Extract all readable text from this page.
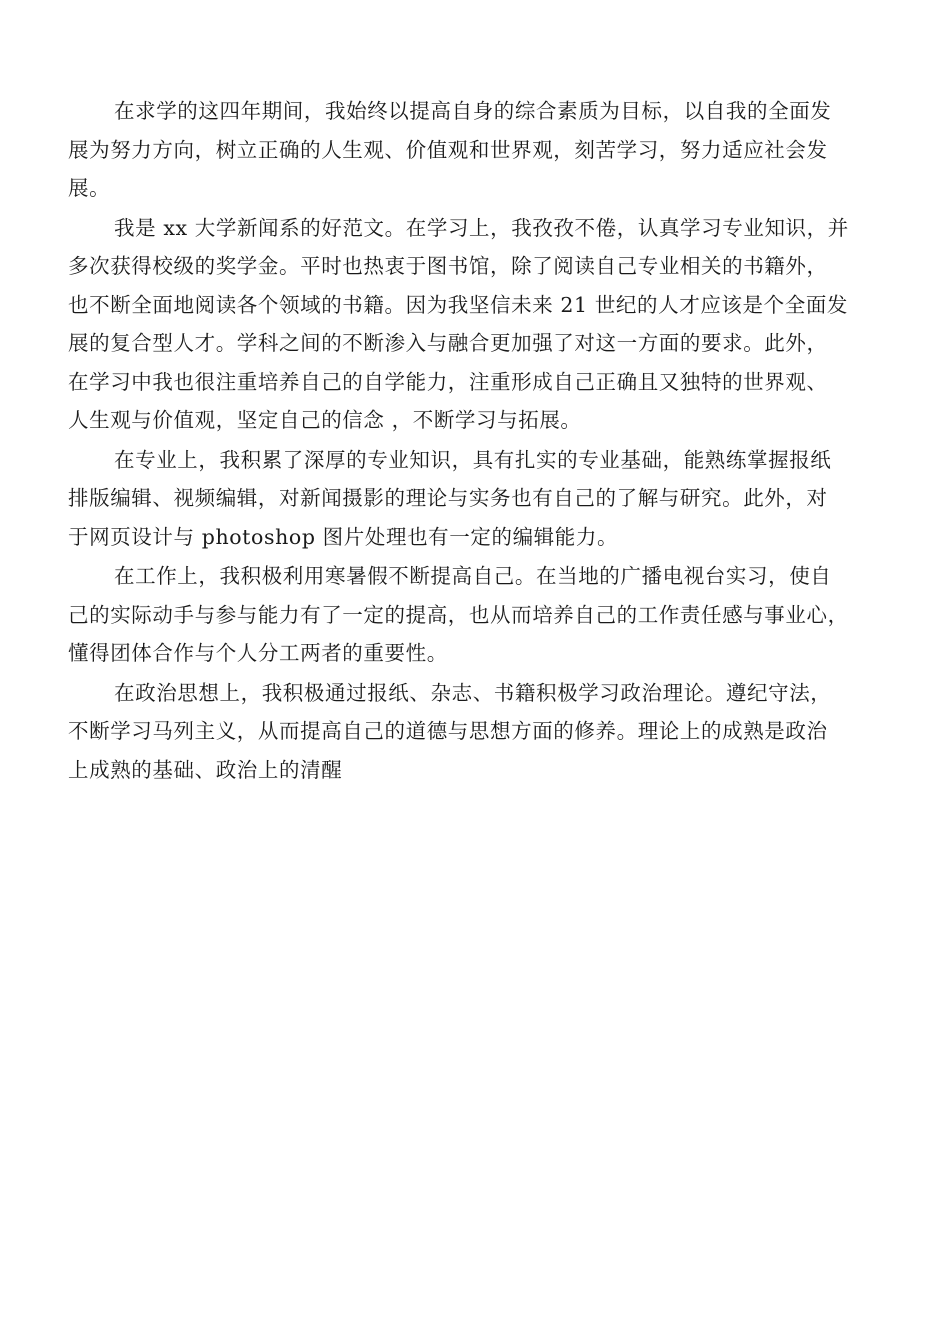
在求学的这四年期间，我始终以提高自身的综合素质为目标，以自我的全面发
展为努力方向，树立正确的人生观、价值观和世界观，刻苦学习，努力适应社会发
展。

我是 xx 大学新闻系的好范文。在学习上，我孜孜不倦，认真学习专业知识，并
多次获得校级的奖学金。平时也热衷于图书馆，除了阅读自己专业相关的书籍外，
也不断全面地阅读各个领域的书籍。因为我坚信未来 21 世纪的人才应该是个全面发
展的复合型人才。学科之间的不断渗入与融合更加强了对这一方面的要求。此外，
在学习中我也很注重培养自己的自学能力，注重形成自己正确且又独特的世界观、
人生观与价值观，坚定自己的信念 ，不断学习与拓展。

在专业上，我积累了深厚的专业知识，具有扎实的专业基础，能熟练掌握报纸
排版编辑、视频编辑，对新闻摄影的理论与实务也有自己的了解与研究。此外，对
于网页设计与 photoshop 图片处理也有一定的编辑能力。

在工作上，我积极利用寒暑假不断提高自己。在当地的广播电视台实习，使自
己的实际动手与参与能力有了一定的提高，也从而培养自己的工作责任感与事业心，
懂得团体合作与个人分工两者的重要性。

在政治思想上，我积极通过报纸、杂志、书籍积极学习政治理论。遵纪守法，
不断学习马列主义，从而提高自己的道德与思想方面的修养。理论上的成熟是政治
上成熟的基础、政治上的清醒
